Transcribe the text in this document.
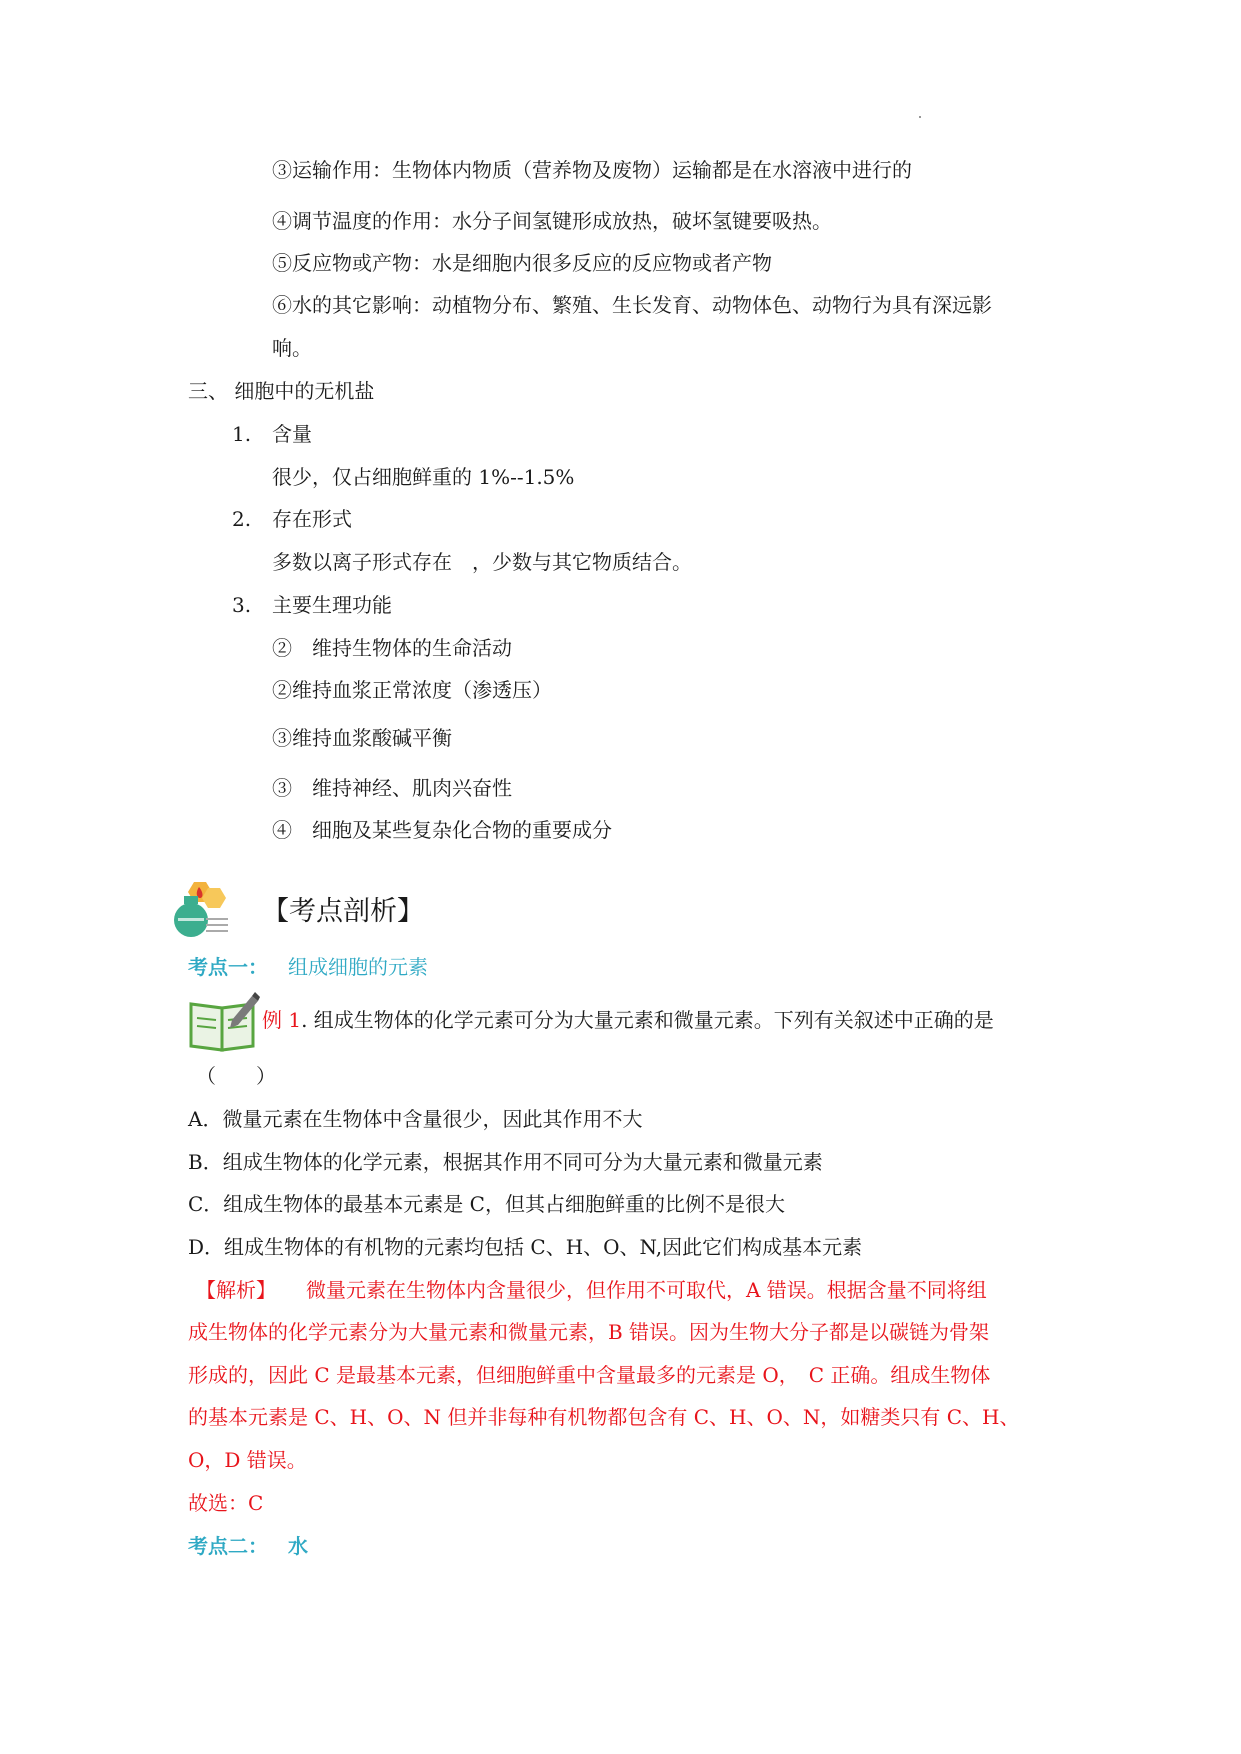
③运输作用：生物体内物质（营养物及废物）运输都是在水溶液中进行的
④调节温度的作用：水分子间氢键形成放热，破坏氢键要吸热。
⑤反应物或产物：水是细胞内很多反应的反应物或者产物
⑥水的其它影响：动植物分布、繁殖、生长发育、动物体色、动物行为具有深远影
响。
三、 细胞中的无机盐
1. 含量
很少，仅占细胞鲜重的 1%--1.5%
2. 存在形式
多数以离子形式存在　，少数与其它物质结合。
3. 主要生理功能
②　维持生物体的生命活动
②维持血浆正常浓度（渗透压）
③维持血浆酸碱平衡
③　维持神经、肌肉兴奋性
④　细胞及某些复杂化合物的重要成分
【考点剖析】
考点一： 组成细胞的元素
例 1. 组成生物体的化学元素可分为大量元素和微量元素。下列有关叙述中正确的是
（　　）
A．微量元素在生物体中含量很少，因此其作用不大
B．组成生物体的化学元素，根据其作用不同可分为大量元素和微量元素
C．组成生物体的最基本元素是 C，但其占细胞鲜重的比例不是很大
D．组成生物体的有机物的元素均包括 C、H、O、N,因此它们构成基本元素
【解析】 微量元素在生物体内含量很少，但作用不可取代，A 错误。根据含量不同将组
成生物体的化学元素分为大量元素和微量元素，B 错误。因为生物大分子都是以碳链为骨架
形成的，因此 C 是最基本元素，但细胞鲜重中含量最多的元素是 O，　C 正确。组成生物体
的基本元素是 C、H、O、N 但并非每种有机物都包含有 C、H、O、N，如糖类只有 C、H、
O，D 错误。
故选：C
考点二： 水
